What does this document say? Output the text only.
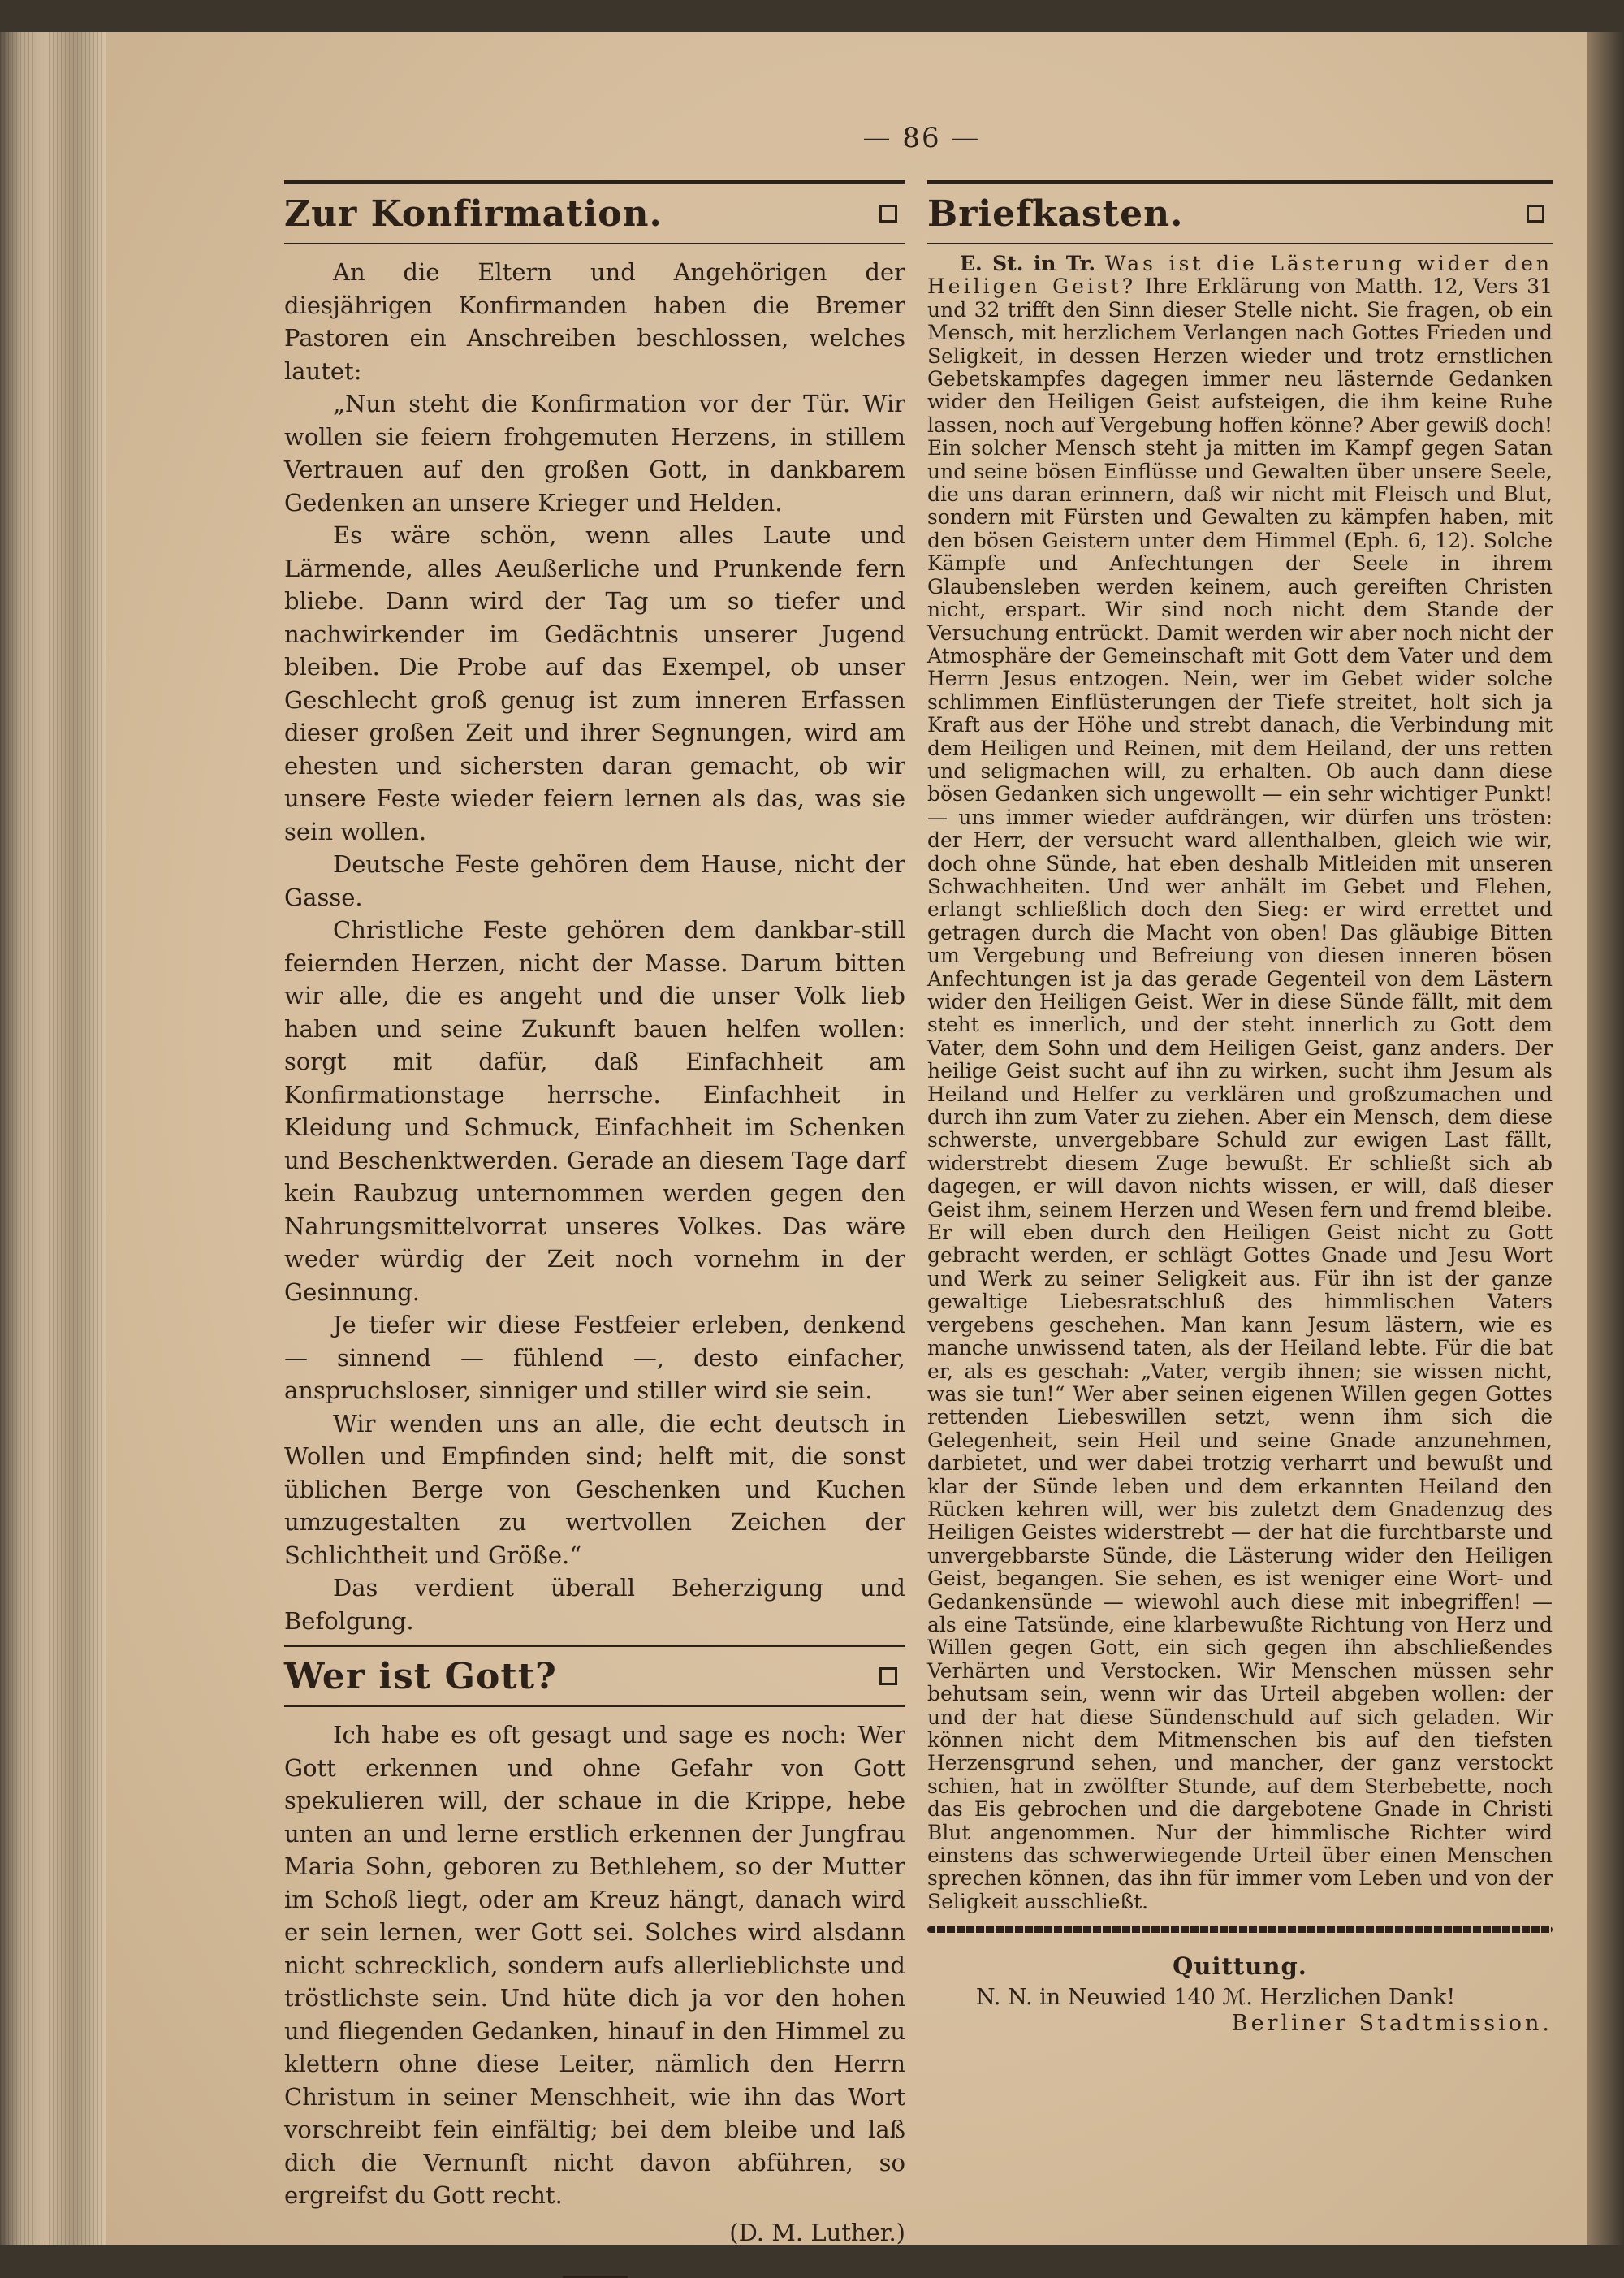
— 86 —
Zur Konfirmation.

An die Eltern und Angehörigen der diesjährigen Konfirmanden haben die Bremer Pastoren ein Anschreiben beschlossen, welches lautet:

„Nun steht die Konfirmation vor der Tür. Wir wollen sie feiern frohgemuten Herzens, in stillem Vertrauen auf den großen Gott, in dankbarem Gedenken an unsere Krieger und Helden.

Es wäre schön, wenn alles Laute und Lärmende, alles Aeußerliche und Prunkende fern bliebe. Dann wird der Tag um so tiefer und nachwirkender im Gedächtnis unserer Jugend bleiben. Die Probe auf das Exempel, ob unser Geschlecht groß genug ist zum inneren Erfassen dieser großen Zeit und ihrer Segnungen, wird am ehesten und sichersten daran gemacht, ob wir unsere Feste wieder feiern lernen als das, was sie sein wollen.

Deutsche Feste gehören dem Hause, nicht der Gasse.

Christliche Feste gehören dem dankbar-still feiernden Herzen, nicht der Masse. Darum bitten wir alle, die es angeht und die unser Volk lieb haben und seine Zukunft bauen helfen wollen: sorgt mit dafür, daß Einfachheit am Konfirmationstage herrsche. Einfachheit in Kleidung und Schmuck, Einfachheit im Schenken und Beschenktwerden. Gerade an diesem Tage darf kein Raubzug unternommen werden gegen den Nahrungsmittelvorrat unseres Volkes. Das wäre weder würdig der Zeit noch vornehm in der Gesinnung.

Je tiefer wir diese Festfeier erleben, denkend — sinnend — fühlend —, desto einfacher, anspruchsloser, sinniger und stiller wird sie sein.

Wir wenden uns an alle, die echt deutsch in Wollen und Empfinden sind; helft mit, die sonst üblichen Berge von Geschenken und Kuchen umzugestalten zu wertvollen Zeichen der Schlichtheit und Größe.“

Das verdient überall Beherzigung und Befolgung.

Wer ist Gott?

Ich habe es oft gesagt und sage es noch: Wer Gott erkennen und ohne Gefahr von Gott spekulieren will, der schaue in die Krippe, hebe unten an und lerne erstlich erkennen der Jungfrau Maria Sohn, geboren zu Bethlehem, so der Mutter im Schoß liegt, oder am Kreuz hängt, danach wird er sein lernen, wer Gott sei. Solches wird alsdann nicht schrecklich, sondern aufs allerlieblichste und tröstlichste sein. Und hüte dich ja vor den hohen und fliegenden Gedanken, hinauf in den Himmel zu klettern ohne diese Leiter, nämlich den Herrn Christum in seiner Menschheit, wie ihn das Wort vorschreibt fein einfältig; bei dem bleibe und laß dich die Vernunft nicht davon abführen, so ergreifst du Gott recht.

(D. M. Luther.)
Briefkasten.

E. St. in Tr. Was ist die Lästerung wider den Heiligen Geist? Ihre Erklärung von Matth. 12, Vers 31 und 32 trifft den Sinn dieser Stelle nicht. Sie fragen, ob ein Mensch, mit herzlichem Verlangen nach Gottes Frieden und Seligkeit, in dessen Herzen wieder und trotz ernstlichen Gebetskampfes dagegen immer neu lästernde Gedanken wider den Heiligen Geist aufsteigen, die ihm keine Ruhe lassen, noch auf Vergebung hoffen könne? Aber gewiß doch! Ein solcher Mensch steht ja mitten im Kampf gegen Satan und seine bösen Einflüsse und Gewalten über unsere Seele, die uns daran erinnern, daß wir nicht mit Fleisch und Blut, sondern mit Fürsten und Gewalten zu kämpfen haben, mit den bösen Geistern unter dem Himmel (Eph. 6, 12). Solche Kämpfe und Anfechtungen der Seele in ihrem Glaubensleben werden keinem, auch gereiften Christen nicht, erspart. Wir sind noch nicht dem Stande der Versuchung entrückt. Damit werden wir aber noch nicht der Atmosphäre der Gemeinschaft mit Gott dem Vater und dem Herrn Jesus entzogen. Nein, wer im Gebet wider solche schlimmen Einflüsterungen der Tiefe streitet, holt sich ja Kraft aus der Höhe und strebt danach, die Verbindung mit dem Heiligen und Reinen, mit dem Heiland, der uns retten und seligmachen will, zu erhalten. Ob auch dann diese bösen Gedanken sich ungewollt — ein sehr wichtiger Punkt! — uns immer wieder aufdrängen, wir dürfen uns trösten: der Herr, der versucht ward allenthalben, gleich wie wir, doch ohne Sünde, hat eben deshalb Mitleiden mit unseren Schwachheiten. Und wer anhält im Gebet und Flehen, erlangt schließlich doch den Sieg: er wird errettet und getragen durch die Macht von oben! Das gläubige Bitten um Vergebung und Befreiung von diesen inneren bösen Anfechtungen ist ja das gerade Gegenteil von dem Lästern wider den Heiligen Geist. Wer in diese Sünde fällt, mit dem steht es innerlich, und der steht innerlich zu Gott dem Vater, dem Sohn und dem Heiligen Geist, ganz anders. Der heilige Geist sucht auf ihn zu wirken, sucht ihm Jesum als Heiland und Helfer zu verklären und großzumachen und durch ihn zum Vater zu ziehen. Aber ein Mensch, dem diese schwerste, unvergebbare Schuld zur ewigen Last fällt, widerstrebt diesem Zuge bewußt. Er schließt sich ab dagegen, er will davon nichts wissen, er will, daß dieser Geist ihm, seinem Herzen und Wesen fern und fremd bleibe. Er will eben durch den Heiligen Geist nicht zu Gott gebracht werden, er schlägt Gottes Gnade und Jesu Wort und Werk zu seiner Seligkeit aus. Für ihn ist der ganze gewaltige Liebesratschluß des himmlischen Vaters vergebens geschehen. Man kann Jesum lästern, wie es manche unwissend taten, als der Heiland lebte. Für die bat er, als es geschah: „Vater, vergib ihnen; sie wissen nicht, was sie tun!“ Wer aber seinen eigenen Willen gegen Gottes rettenden Liebeswillen setzt, wenn ihm sich die Gelegenheit, sein Heil und seine Gnade anzunehmen, darbietet, und wer dabei trotzig verharrt und bewußt und klar der Sünde leben und dem erkannten Heiland den Rücken kehren will, wer bis zuletzt dem Gnadenzug des Heiligen Geistes widerstrebt — der hat die furchtbarste und unvergebbarste Sünde, die Lästerung wider den Heiligen Geist, begangen. Sie sehen, es ist weniger eine Wort- und Gedankensünde — wiewohl auch diese mit inbegriffen! — als eine Tatsünde, eine klarbewußte Richtung von Herz und Willen gegen Gott, ein sich gegen ihn abschließendes Verhärten und Verstocken. Wir Menschen müssen sehr behutsam sein, wenn wir das Urteil abgeben wollen: der und der hat diese Sündenschuld auf sich geladen. Wir können nicht dem Mitmenschen bis auf den tiefsten Herzensgrund sehen, und mancher, der ganz verstockt schien, hat in zwölfter Stunde, auf dem Sterbebette, noch das Eis gebrochen und die dargebotene Gnade in Christi Blut angenommen. Nur der himmlische Richter wird einstens das schwerwiegende Urteil über einen Menschen sprechen können, das ihn für immer vom Leben und von der Seligkeit ausschließt.

Quittung.

N. N. in Neuwied 140 ℳ. Herzlichen Dank!

Berliner Stadtmission.
